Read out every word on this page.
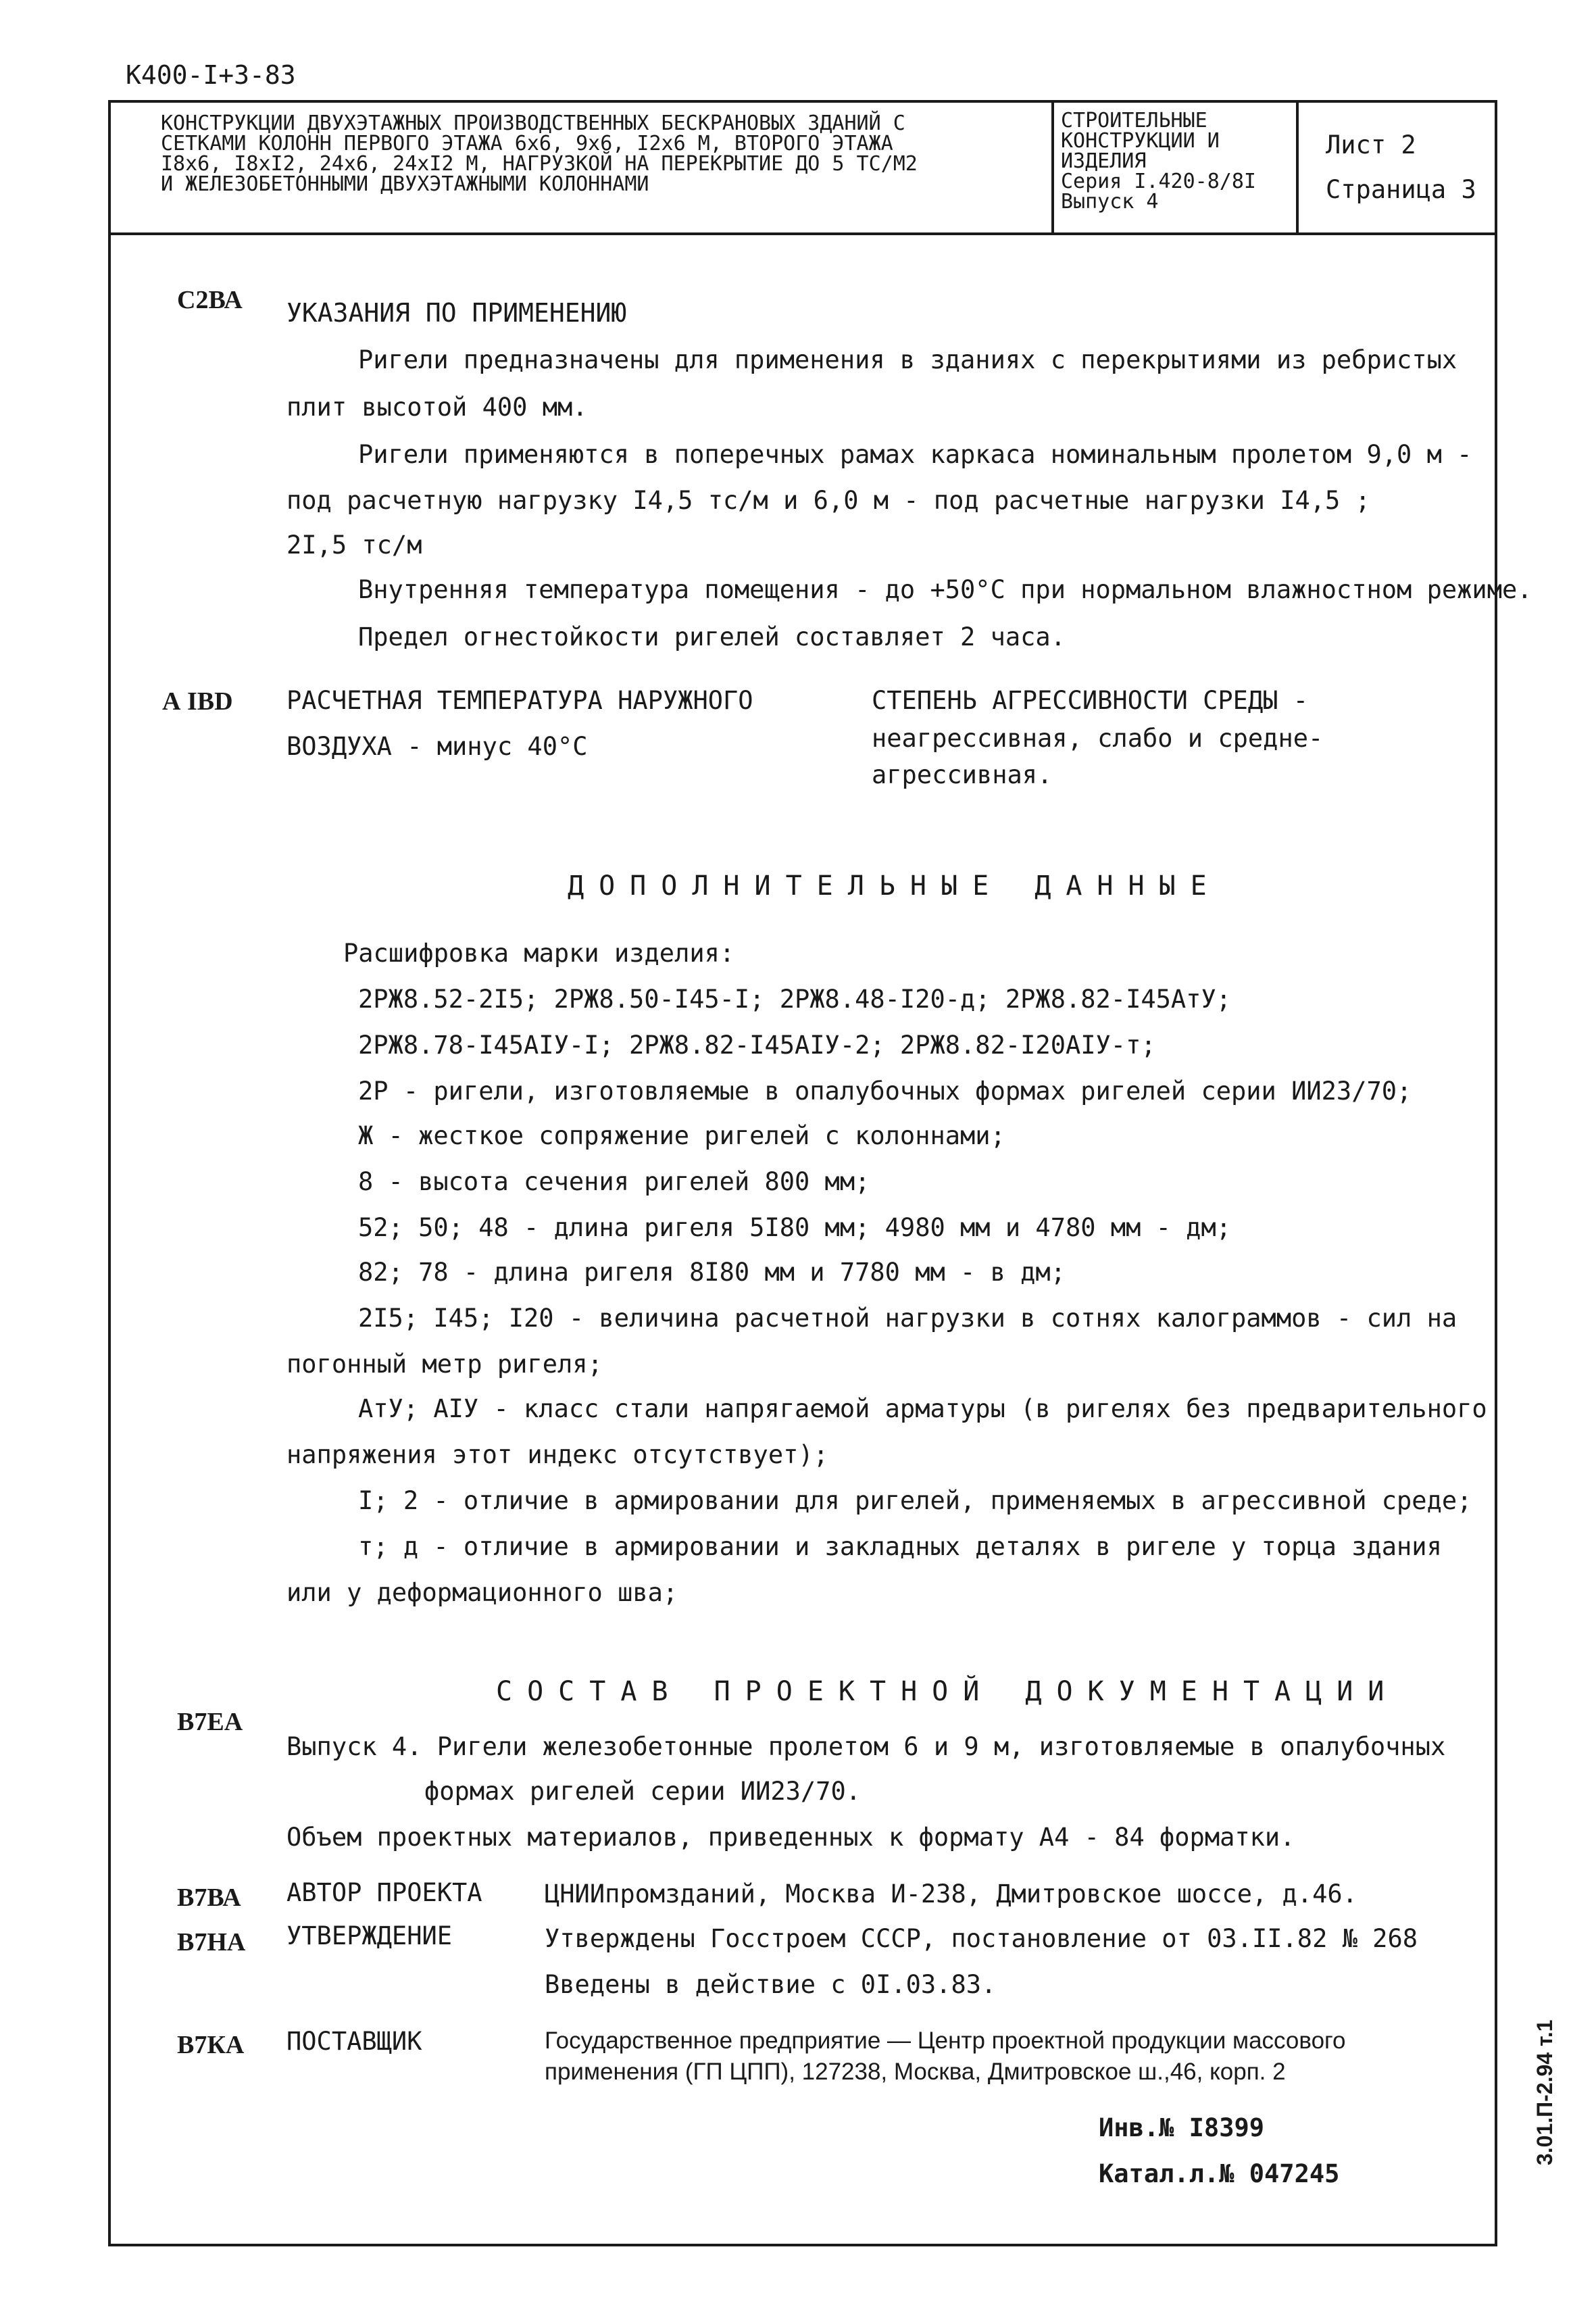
К400-I+3-83
КОНСТРУКЦИИ ДВУХЭТАЖНЫХ ПРОИЗВОДСТВЕННЫХ БЕСКРАНОВЫХ ЗДАНИЙ С
СЕТКАМИ КОЛОНН ПЕРВОГО ЭТАЖА 6х6, 9х6, I2х6 М, ВТОРОГО ЭТАЖА
I8х6, I8хI2, 24х6, 24хI2 М, НАГРУЗКОЙ НА ПЕРЕКРЫТИЕ ДО 5 ТС/М2
И ЖЕЛЕЗОБЕТОННЫМИ ДВУХЭТАЖНЫМИ КОЛОННАМИ
СТРОИТЕЛЬНЫЕ
КОНСТРУКЦИИ И
ИЗДЕЛИЯ
Серия I.420-8/8I
Выпуск 4
Лист 2
Страница 3
С2ВА УКАЗАНИЯ ПО ПРИМЕНЕНИЮ
Ригели предназначены для применения в зданиях с перекрытиями из ребристых
плит высотой 400 мм.
Ригели применяются в поперечных рамах каркаса номинальным пролетом 9,0 м -
под расчетную нагрузку I4,5 тс/м и 6,0 м - под расчетные нагрузки I4,5 ;
2I,5 тс/м
Внутренняя температура помещения - до +50°С при нормальном влажностном режиме.
Предел огнестойкости ригелей составляет 2 часа.
А IВD РАСЧЕТНАЯ ТЕМПЕРАТУРА НАРУЖНОГО
ВОЗДУХА - минус 40°С
СТЕПЕНЬ АГРЕССИВНОСТИ СРЕДЫ -
неагрессивная, слабо и средне-
агрессивная.
ДОПОЛНИТЕЛЬНЫЕ ДАННЫЕ
Расшифровка марки изделия:
2РЖ8.52-2I5; 2РЖ8.50-I45-I; 2РЖ8.48-I20-д; 2РЖ8.82-I45АтУ;
2РЖ8.78-I45АIУ-I; 2РЖ8.82-I45АIУ-2; 2РЖ8.82-I20АIУ-т;
2Р - ригели, изготовляемые в опалубочных формах ригелей серии ИИ23/70;
Ж - жесткое сопряжение ригелей с колоннами;
8 - высота сечения ригелей 800 мм;
52; 50; 48 - длина ригеля 5I80 мм; 4980 мм и 4780 мм - дм;
82; 78 - длина ригеля 8I80 мм и 7780 мм - в дм;
2I5; I45; I20 - величина расчетной нагрузки в сотнях калограммов - сил на
погонный метр ригеля;
АтУ; АIУ - класс стали напрягаемой арматуры (в ригелях без предварительного
напряжения этот индекс отсутствует);
I; 2 - отличие в армировании для ригелей, применяемых в агрессивной среде;
т; д - отличие в армировании и закладных деталях в ригеле у торца здания
или у деформационного шва;
СОСТАВ ПРОЕКТНОЙ ДОКУМЕНТАЦИИ
В7ЕА
Выпуск 4. Ригели железобетонные пролетом 6 и 9 м, изготовляемые в опалубочных
формах ригелей серии ИИ23/70.
Объем проектных материалов, приведенных к формату А4 - 84 форматки.
В7ВА АВТОР ПРОЕКТА ЦНИИпромзданий, Москва И-238, Дмитровское шоссе, д.46.
В7НА УТВЕРЖДЕНИЕ	Утверждены Госстроем СССР, постановление от 03.II.82 № 268
Введены в действие с 0I.03.83.
В7КА ПОСТАВЩИК	Государственное предприятие — Центр проектной продукции массового
применения (ГП ЦПП), 127238, Москва, Дмитровское ш.,46, корп. 2
Инв.№ I8399
Катал.л.№ 047245
3.01.П-2.94 т.1
